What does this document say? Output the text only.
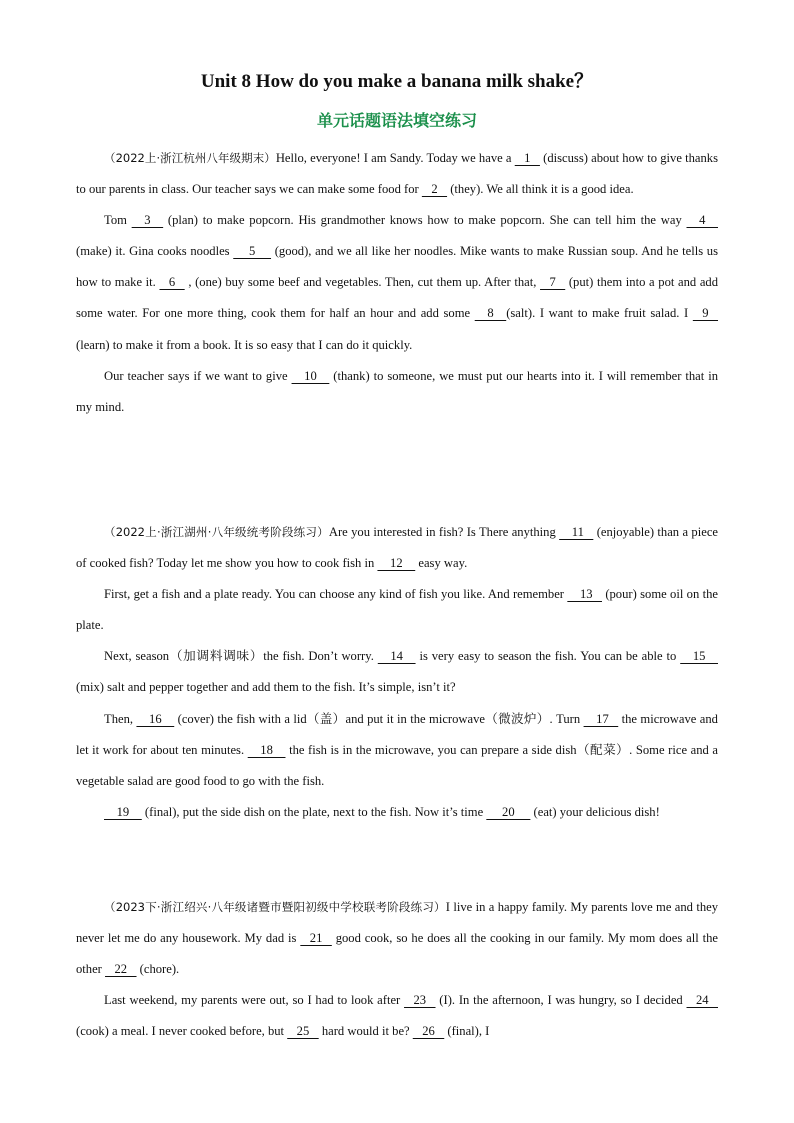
Unit 8 How do you make a banana milk shake？
单元话题语法填空练习

（2022上·浙江杭州八年级期末）Hello, everyone! I am Sandy. Today we have a    1    (discuss) about how to give thanks to our parents in class. Our teacher says we can make some food for    2    (they). We all think it is a good idea.

Tom     3     (plan) to make popcorn. His grandmother knows how to make popcorn. She can tell him the way     4     (make) it. Gina cooks noodles      5      (good), and we all like her noodles. Mike wants to make Russian soup. And he tells us how to make it.    6    , (one) buy some beef and vegetables. Then, cut them up. After that,    7    (put) them into a pot and add some water. For one more thing, cook them for half an hour and add some     8    (salt). I want to make fruit salad. I    9    (learn) to make it from a book. It is so easy that I can do it quickly.

Our teacher says if we want to give     10     (thank) to someone, we must put our hearts into it. I will remember that in my mind.

（2022上·浙江湖州·八年级统考阶段练习）Are you interested in fish? Is There anything     11    (enjoyable) than a piece of cooked fish? Today let me show you how to cook fish in     12     easy way.

First, get a fish and a plate ready. You can choose any kind of fish you like. And remember     13    (pour) some oil on the plate.

Next, season（加调料调味）the fish. Don’t worry.     14     is very easy to season the fish. You can be able to     15     (mix) salt and pepper together and add them to the fish. It’s simple, isn’t it?

Then,     16     (cover) the fish with a lid（盖）and put it in the microwave（微波炉）. Turn     17    the microwave and let it work for about ten minutes.     18     the fish is in the microwave, you can prepare a side dish（配菜）. Some rice and a vegetable salad are good food to go with the fish.

19     (final), put the side dish on the plate, next to the fish. Now it’s time      20      (eat) your delicious dish!

（2023下·浙江绍兴·八年级诸暨市暨阳初级中学校联考阶段练习）I live in a happy family. My parents love me and they never let me do any housework. My dad is    21    good cook, so he does all the cooking in our family. My mom does all the other    22    (chore).

Last weekend, my parents were out, so I had to look after    23    (I). In the afternoon, I was hungry, so I decided    24    (cook) a meal. I never cooked before, but    25    hard would it be?    26    (final), I
